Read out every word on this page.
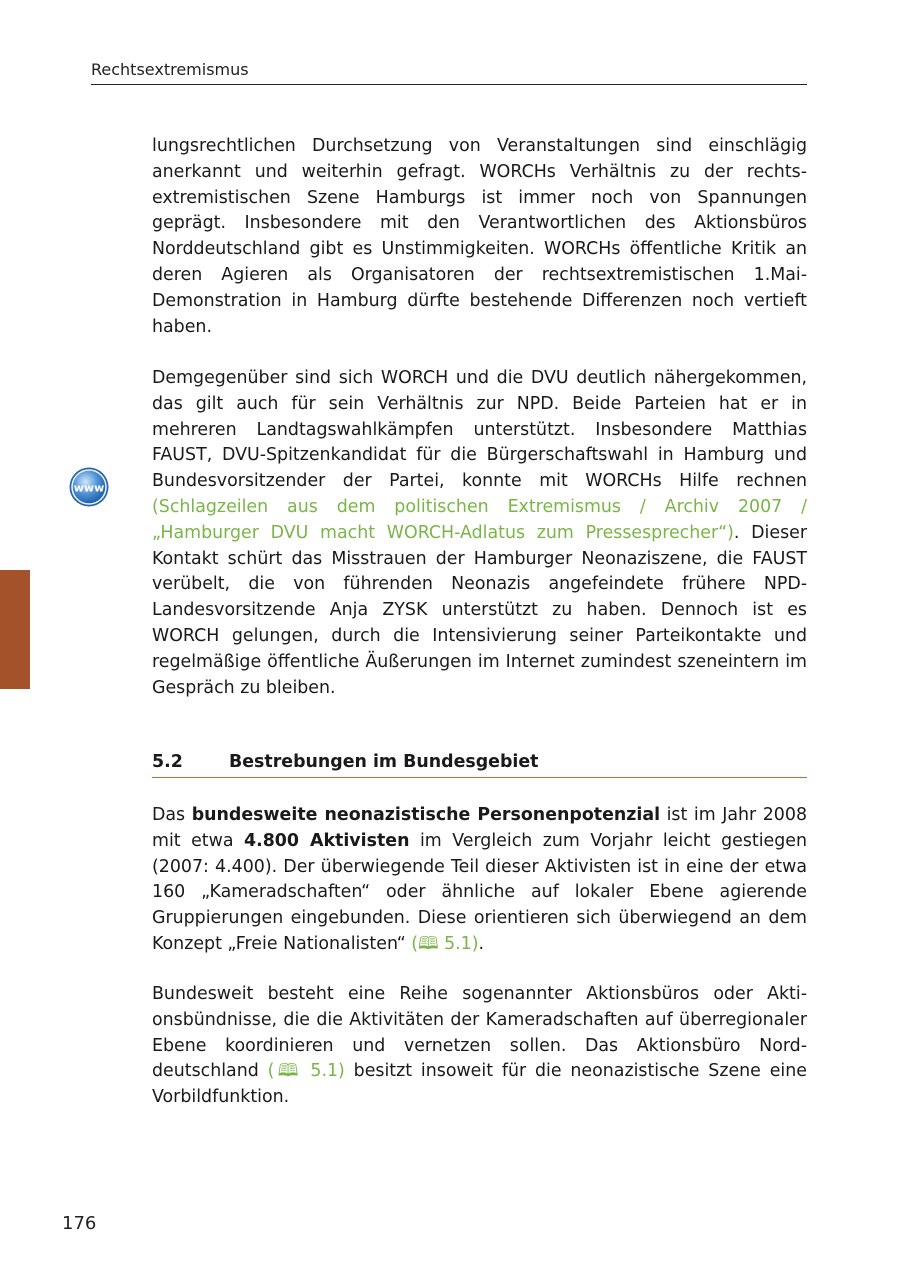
Rechtsextremismus
www

lungsrechtlichen Durchsetzung von Veranstaltungen sind einschlägig anerkannt und weiterhin gefragt. WORCHs Verhältnis zu der rechtsextremistischen Szene Hamburgs ist immer noch von Spannungen geprägt. Insbesondere mit den Verantwortlichen des Aktionsbüros Norddeutschland gibt es Unstimmigkeiten. WORCHs öffentliche Kritik an deren Agieren als Organisatoren der rechtsextremistischen 1.Mai-Demonstration in Hamburg dürfte bestehende Differenzen noch vertieft haben.

Demgegenüber sind sich WORCH und die DVU deutlich nähergekommen, das gilt auch für sein Verhältnis zur NPD. Beide Parteien hat er in mehreren Landtagswahlkämpfen unterstützt. Insbesondere Matthias FAUST, DVU-Spitzenkandidat für die Bürgerschaftswahl in Hamburg und Bundesvorsitzender der Partei, konnte mit WORCHs Hilfe rechnen (Schlagzeilen aus dem politischen Extremismus / Archiv 2007 / „Hamburger DVU macht WORCH-Adlatus zum Pressesprecher“). Dieser Kontakt schürt das Misstrauen der Hamburger Neonaziszene, die FAUST verübelt, die von führenden Neonazis angefeindete frühere NPD-Landesvorsitzende Anja ZYSK unterstützt zu haben. Dennoch ist es WORCH gelungen, durch die Intensivierung seiner Parteikontakte und regelmäßige öffentliche Äußerungen im Internet zumindest szeneintern im Gespräch zu bleiben.

5.2	Bestrebungen im Bundesgebiet

Das bundesweite neonazistische Personenpotenzial ist im Jahr 2008 mit etwa 4.800 Aktivisten im Vergleich zum Vorjahr leicht gestiegen (2007: 4.400). Der überwiegende Teil dieser Aktivisten ist in eine der etwa 160 „Kameradschaften“ oder ähnliche auf lokaler Ebene agierende Gruppierungen eingebunden. Diese orientieren sich überwiegend an dem Konzept „Freie Nationalisten“ (🕮 5.1).

Bundesweit besteht eine Reihe sogenannter Aktionsbüros oder Aktionsbündnisse, die die Aktivitäten der Kameradschaften auf überregionaler Ebene koordinieren und vernetzen sollen. Das Aktionsbüro Norddeutschland (🕮 5.1) besitzt insoweit für die neonazistische Szene eine Vorbildfunktion.

176
